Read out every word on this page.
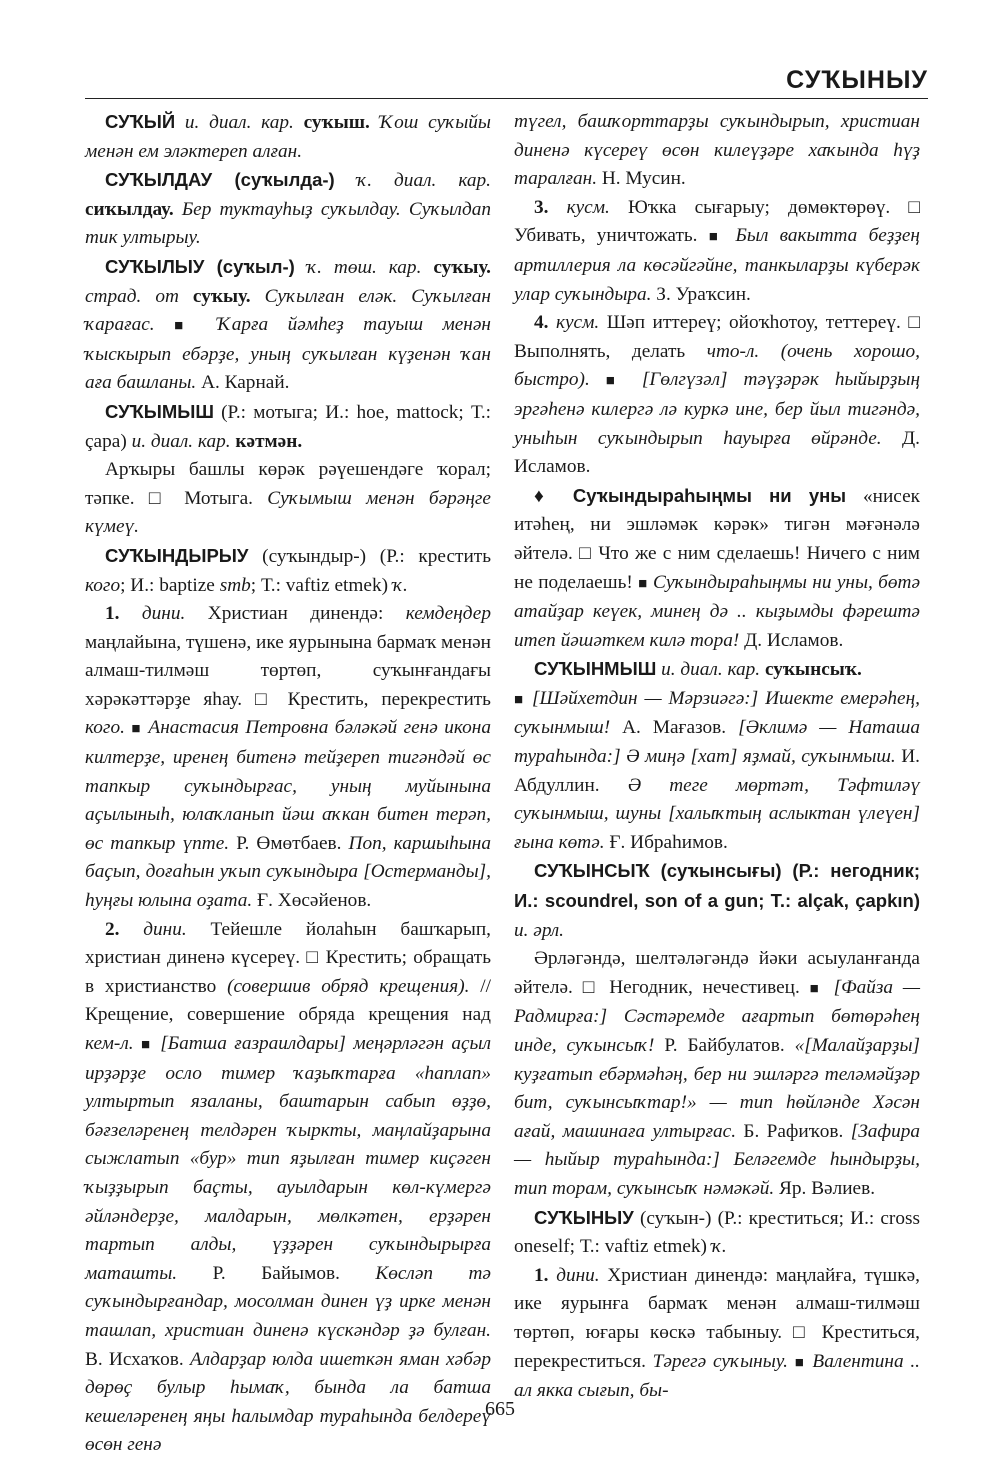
СУҠЫНЫУ

СУҠЫЙ и. диал. кар. суҡыш. Ҡош суҡыйы менән ем эләктереп алған.

СУҠЫЛДАУ (суҡылда-) ҡ. диал. кар. сиҡылдау. Бер туктауһыҙ суҡылдау. Суҡылдап тик ултырыу.

СУҠЫЛЫУ (суҡыл-) ҡ. төш. кар. суҡыу. страд. от суҡыу. Суҡылған еләк. Суҡылған ҡарағас. ■ Ҡарға йәмһеҙ тауыш менән ҡыскырып ебәрҙе, уның суҡылған күҙенән ҡан аға башланы. А. Карнай.

СУҠЫМЫШ (Р.: мотыга; И.: hoe, mattock; Т.: çapa) и. диал. кар. кәтмән.

Арҡыры башлы көрәк рәүешендәге ҡорал; тәпке. □ Мотыга. Суҡымыш менән бәрәңге күмеү.

СУҠЫНДЫРЫУ (суҡындыр-) (Р.: крестить кого; И.: baptize smb; Т.: vaftiz etmek) ҡ.

1. дини. Христиан динендә: кемдеңдер маңлайына, түшенә, ике яурынына бармаҡ менән алмаш-тилмәш төртөп, суҡынғандағы хәрәкәттәрҙе яһау. □ Крестить, перекрестить кого. ■ Анастасия Петровна бәләкәй генә икона килтерҙе, иренең битенә тейҙереп тигәндәй өс тапкыр суҡындырғас, уның муйынына аҫылыныһ, юлаҡланып йәш аҡкан битен терәп, өс тапкыр үпте. Р. Өмөтбаев. Поп, каршыһына баҫып, доғаһын уҡып суҡындыра [Остерманды], һуңғы юлына оҙата. Ғ. Хөсәйенов.

2. дини. Тейешле йолаһын башҡарып, христиан диненә күсереү. □ Крестить; обращать в христианство (совершив обряд крещения). // Крещение, совершение обряда крещения над кем-л. ■ [Батша ғазраилдары] меңәрләгән аҫыл ирҙәрҙе осло тимер ҡаҙыҡтарға «һаплап» ултыртып язаланы, баштарын сабып өҙҙө, бәғзеләренең телдәрен ҡыркты, маңлайҙарына сыжлатып «бур» тип яҙылған тимер киҫәген ҡыҙҙырып баҫты, ауылдарын көл-күмергә әйләндерҙе, малдарын, мөлкәтен, ерҙәрен тартып алды, үҙҙәрен суҡындырырға маташты. Р. Байымов. Көсләп тә суҡындырғандар, мосолман динен үҙ ирке менән ташлап, христиан диненә күскәндәр ҙә булған. В. Исхаҡов. Алдарҙар юлда ишеткән яман хәбәр дөрөҫ булыр һымаҡ, бында ла батша кешеләренең яңы һалымдар тураһында белдереү өсөн генә

түгел, башҡорттарҙы суҡындырып, христиан диненә күсереү өсөн килеүҙәре хаҡында һүҙ таралған. Н. Мусин.

3. кусм. Юҡка сығарыу; дөмөктөрөү. □ Убивать, уничтожать. ■ Был вакытта беҙҙең артиллерия ла көсәйгәйне, танкыларҙы күберәк улар суҡындыра. З. Ураҡсин.

4. кусм. Шәп иттереү; ойоҡһотоу, теттереү. □ Выполнять, делать что-л. (очень хорошо, быстро). ■ [Гөлгүзәл] тәүҙәрәк һыйырҙың эргәһенә килергә лә куркә ине, бер йыл тигәндә, уныһын суҡындырып һауырға өйрәнде. Д. Исламов.

♦ Суҡындыраһыңмы ни уны «нисек итәһең, ни эшләмәк кәрәк» тигән мәғәнәлә әйтелә. □ Что же с ним сделаешь! Ничего с ним не поделаешь! ■ Суҡындыраһыңмы ни уны, бөтә атайҙар кеүек, минең дә .. кыҙымды фәрештә итеп йәшәткем килә тора! Д. Исламов.

СУҠЫНМЫШ и. диал. кар. суҡынсыҡ.
■ [Шәйхетдин — Мәрзиәгә:] Ишекте емерәһең, суҡынмыш! А. Мағазов. [Әклимә — Наташа тураһында:] Ә миңә [хат] яҙмай, суҡынмыш. И. Абдуллин. Ә теге мөртәт, Тәфтиләү суҡынмыш, шуны [халыҡтың аслыктан үлеүен] ғына көтә. Ғ. Ибраһимов.

СУҠЫНСЫҠ (суҡынсығы) (Р.: негодник; И.: scoundrel, son of a gun; Т.: alçak, çapkın) и. әрл.

Әрләгәндә, шелтәләгәндә йәки асыуланғанда әйтелә. □ Негодник, нечестивец. ■ [Файза — Радмирға:] Сәстәремде ағартып бөтөрәһең инде, суҡынсыҡ! Р. Байбулатов. «[Малайҙарҙы] куҙғатып ебәрмәһәң, бер ни эшләргә теләмәйҙәр бит, суҡынсыҡтар!» — тип һөйләнде Хәсән ағай, машинаға ултырғас. Б. Рафиҡов. [Зафира — һыйыр тураһында:] Беләгемде һындырҙы, тип торам, суҡынсыҡ нәмәкәй. Яр. Вәлиев.

СУҠЫНЫУ (суҡын-) (Р.: креститься; И.: cross oneself; Т.: vaftiz etmek) ҡ.

1. дини. Христиан динендә: маңлайға, түшкә, ике яурынға бармаҡ менән алмаш-тилмәш төртөп, юғары көскә табыныу. □ Креститься, перекреститься. Тәрегә суҡыныу. ■ Валентина .. ал якка сығып, бы-

665
